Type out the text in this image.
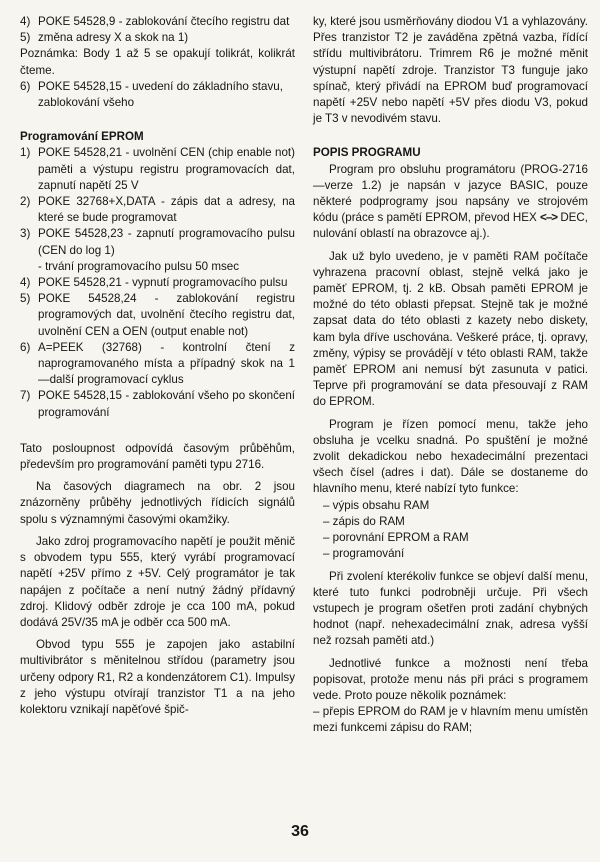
4) POKE 54528,9 - zablokování čtecího registru dat
5) změna adresy X a skok na 1)
Poznámka: Body 1 až 5 se opakují tolikrát, kolikrát čteme.
6) POKE 54528,15 - uvedení do základního stavu, zablokování všeho
Programování EPROM
1) POKE 54528,21 - uvolnění CEN (chip enable not) paměti a výstupu registru programovacích dat, zapnutí napětí 25 V
2) POKE 32768+X,DATA - zápis dat a adresy, na které se bude programovat
3) POKE 54528,23 - zapnutí programovacího pulsu (CEN do log 1)
- trvání programovacího pulsu 50 msec
4) POKE 54528,21 - vypnutí programovacího pulsu
5) POKE 54528,24 - zablokování registru programových dat, uvolnění čtecího registru dat, uvolnění CEN a OEN (output enable not)
6) A=PEEK (32768) - kontrolní čtení z naprogramovaného místa a případný skok na 1 —další programovací cyklus
7) POKE 54528,15 - zablokování všeho po skončení programování
Tato posloupnost odpovídá časovým průběhům, především pro programování paměti typu 2716.
Na časových diagramech na obr. 2 jsou znázorněny průběhy jednotlivých řídicích signálů spolu s významnými časovými okamžiky.
Jako zdroj programovacího napětí je použit měnič s obvodem typu 555, který vyrábí programovací napětí +25V přímo z +5V. Celý programátor je tak napájen z počítače a není nutný žádný přídavný zdroj. Klidový odběr zdroje je cca 100 mA, pokud dodává 25V/35 mA je odběr cca 500 mA.
Obvod typu 555 je zapojen jako astabilní multivibrátor s měnitelnou střídou (parametry jsou určeny odpory R1, R2 a kondenzátorem C1). Impulsy z jeho výstupu otvírají tranzistor T1 a na jeho kolektoru vznikají napěťové špič-
ky, které jsou usměrňovány diodou V1 a vyhlazovány. Přes tranzistor T2 je zaváděna zpětná vazba, řídící střídu multivibrátoru. Trimrem R6 je možné měnit výstupní napětí zdroje. Tranzistor T3 funguje jako spínač, který přivádí na EPROM buď programovací napětí +25V nebo napětí +5V přes diodu V3, pokud je T3 v nevodivém stavu.
POPIS PROGRAMU
Program pro obsluhu programátoru (PROG-2716—verze 1.2) je napsán v jazyce BASIC, pouze některé podprogramy jsou napsány ve strojovém kódu (práce s pamětí EPROM, převod HEX <–> DEC, nulování oblastí na obrazovce aj.).
Jak už bylo uvedeno, je v paměti RAM počítače vyhrazena pracovní oblast, stejně velká jako je paměť EPROM, tj. 2 kB. Obsah paměti EPROM je možné do této oblasti přepsat. Stejně tak je možné zapsat data do této oblasti z kazety nebo diskety, kam byla dříve uschována. Veškeré práce, tj. opravy, změny, výpisy se provádějí v této oblasti RAM, takže paměť EPROM ani nemusí být zasunuta v patici. Teprve při programování se data přesouvají z RAM do EPROM.
Program je řízen pomocí menu, takže jeho obsluha je vcelku snadná. Po spuštění je možné zvolit dekadickou nebo hexadecimální prezentaci všech čísel (adres i dat). Dále se dostaneme do hlavního menu, které nabízí tyto funkce:
– výpis obsahu RAM
– zápis do RAM
– porovnání EPROM a RAM
– programování
Při zvolení kterékoliv funkce se objeví další menu, které tuto funkci podrobněji určuje. Při všech vstupech je program ošetřen proti zadání chybných hodnot (např. nehexadecimální znak, adresa vyšší než rozsah paměti atd.)
Jednotlivé funkce a možnosti není třeba popisovat, protože menu nás při práci s programem vede. Proto pouze několik poznámek:
– přepis EPROM do RAM je v hlavním menu umístěn mezi funkcemi zápisu do RAM;
36
